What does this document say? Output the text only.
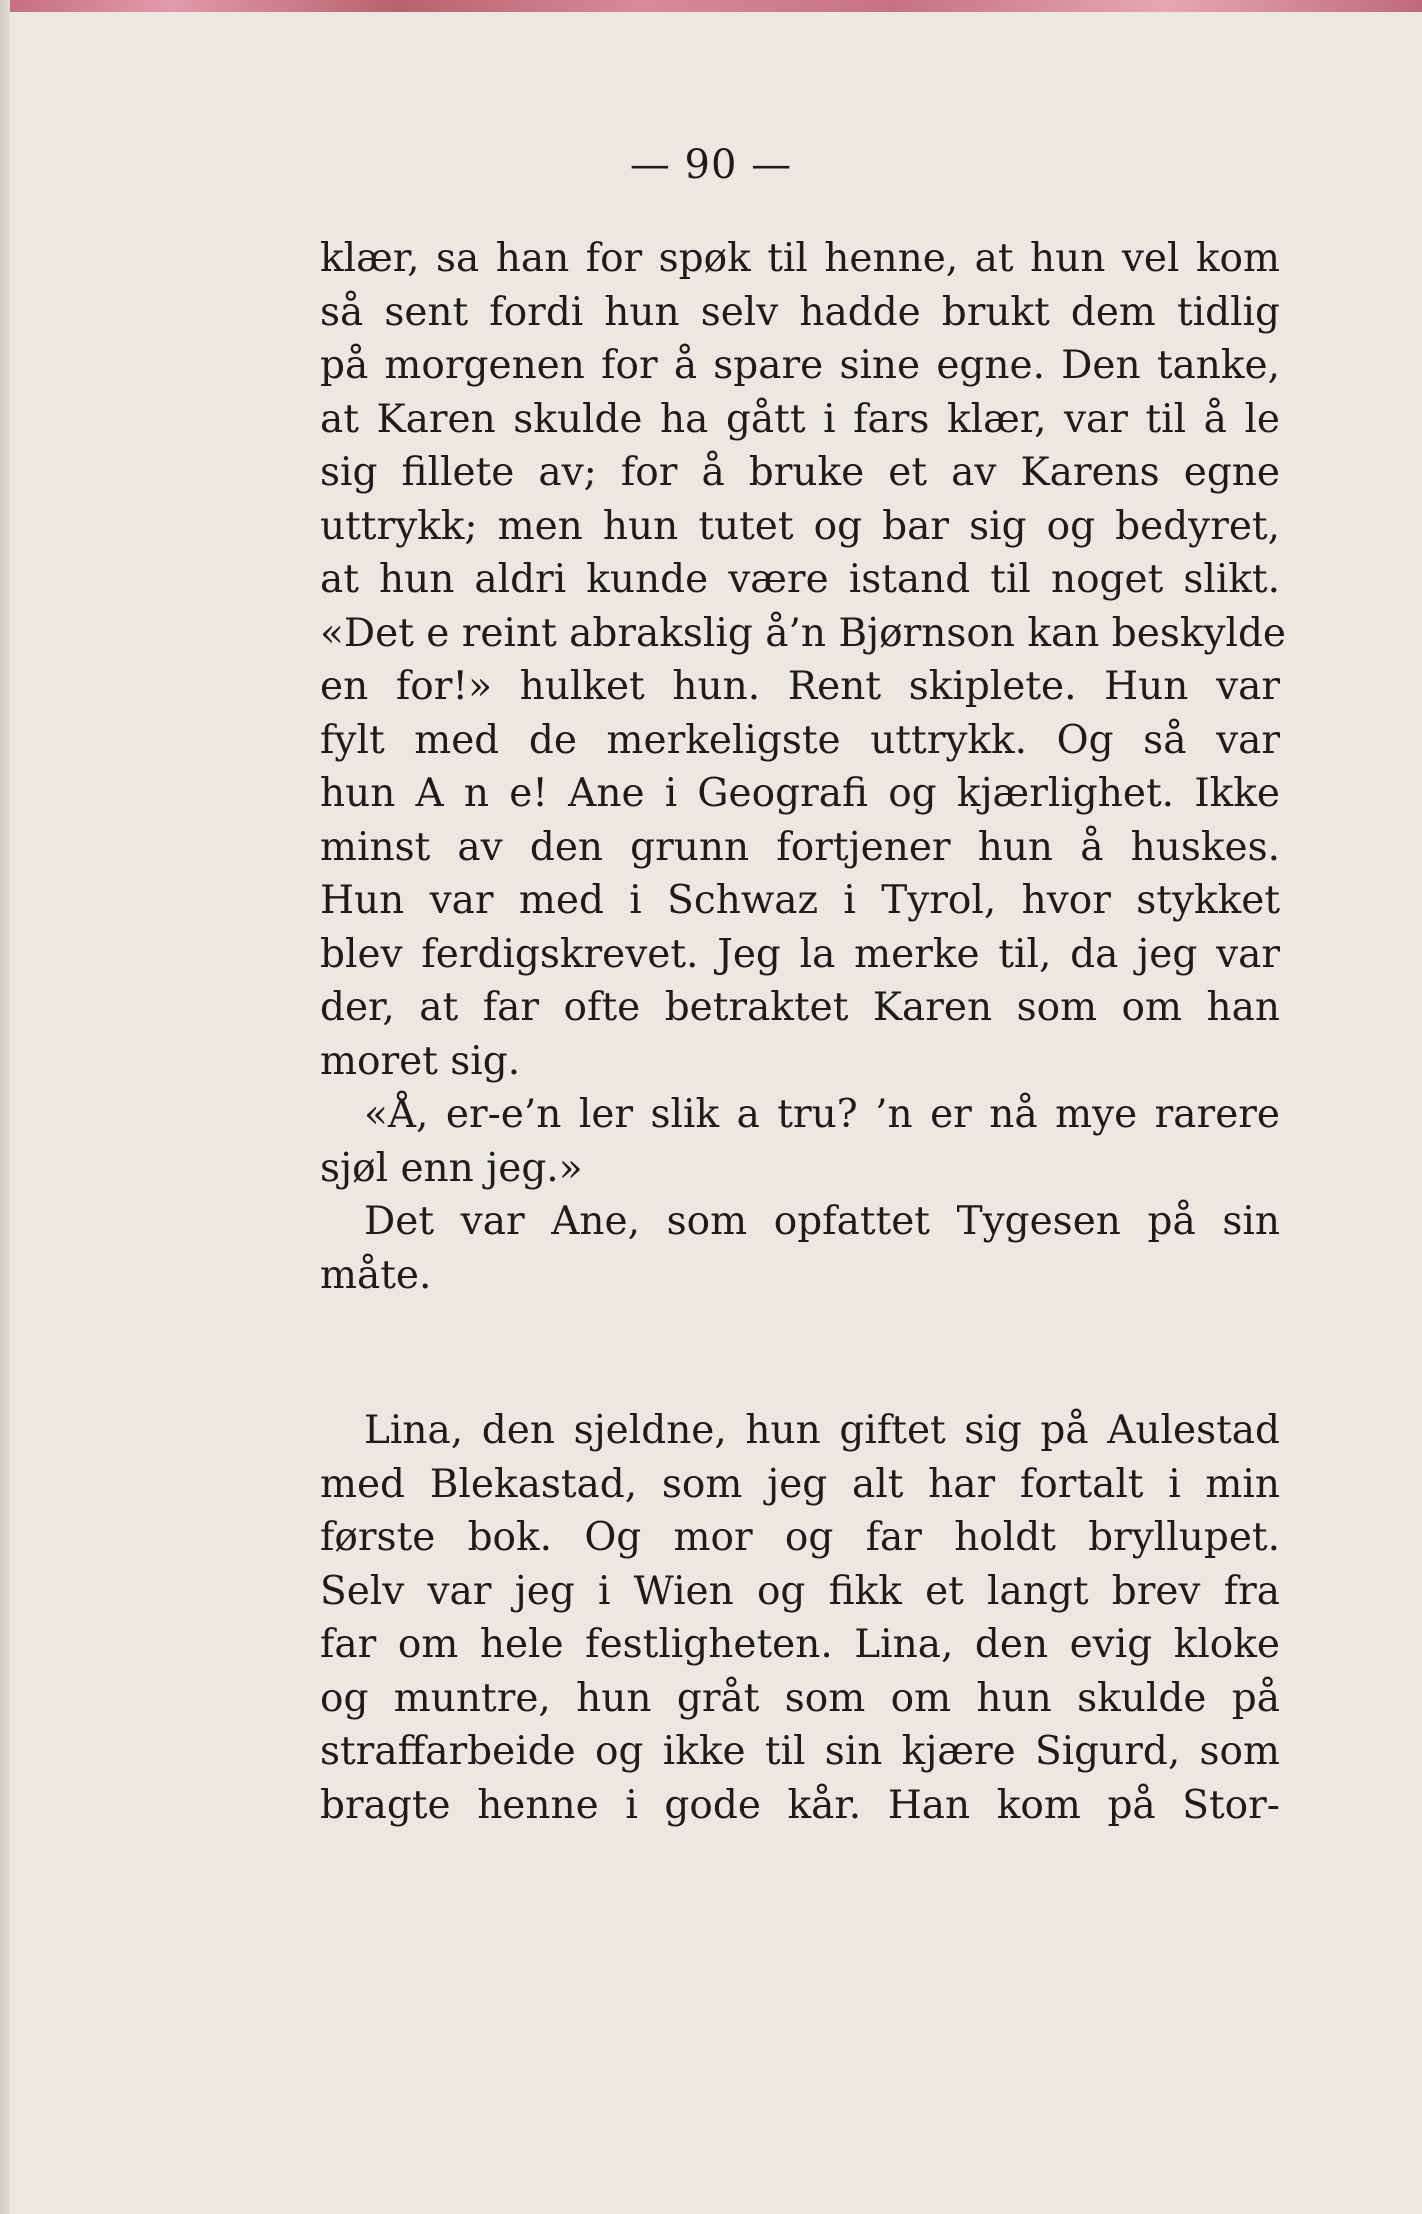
— 90 —
klær, sa han for spøk til henne, at hun vel kom
så sent fordi hun selv hadde brukt dem tidlig
på morgenen for å spare sine egne. Den tanke,
at Karen skulde ha gått i fars klær, var til å le
sig fillete av; for å bruke et av Karens egne
uttrykk; men hun tutet og bar sig og bedyret,
at hun aldri kunde være istand til noget slikt.
«Det e reint abrakslig å’n Bjørnson kan beskylde
en for!» hulket hun. Rent skiplete. Hun var
fylt med de merkeligste uttrykk. Og så var
hun A n e! Ane i Geografi og kjærlighet. Ikke
minst av den grunn fortjener hun å huskes.
Hun var med i Schwaz i Tyrol, hvor stykket
blev ferdigskrevet. Jeg la merke til, da jeg var
der, at far ofte betraktet Karen som om han
moret sig.
«Å, er-e’n ler slik a tru? ’n er nå mye rarere
sjøl enn jeg.»
Det var Ane, som opfattet Tygesen på sin
måte.
Lina, den sjeldne, hun giftet sig på Aulestad
med Blekastad, som jeg alt har fortalt i min
første bok. Og mor og far holdt bryllupet.
Selv var jeg i Wien og fikk et langt brev fra
far om hele festligheten. Lina, den evig kloke
og muntre, hun gråt som om hun skulde på
straffarbeide og ikke til sin kjære Sigurd, som
bragte henne i gode kår. Han kom på Stor-
